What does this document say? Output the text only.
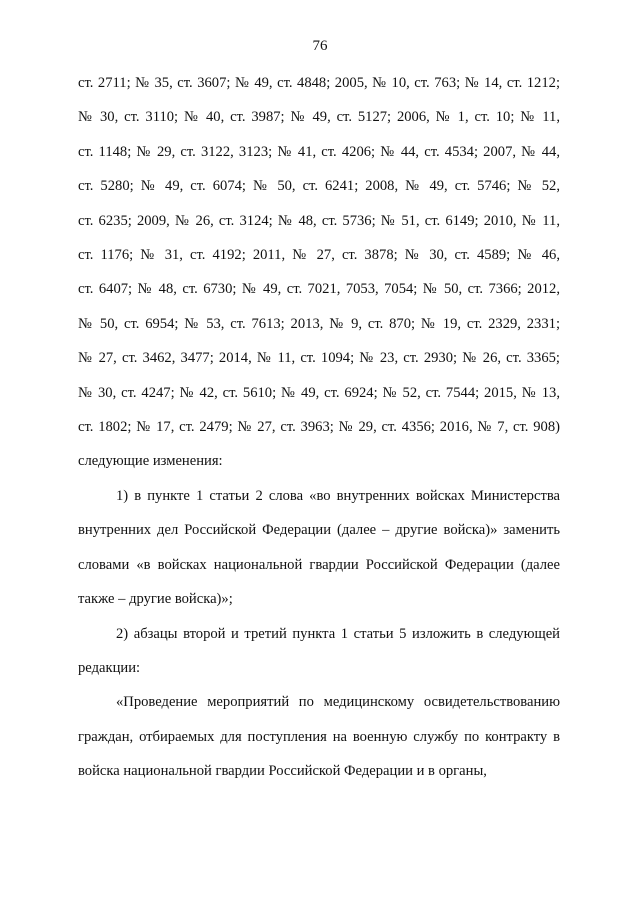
76
ст. 2711; № 35, ст. 3607; № 49, ст. 4848; 2005, № 10, ст. 763; № 14, ст. 1212;
№ 30, ст. 3110; № 40, ст. 3987; № 49, ст. 5127; 2006, № 1, ст. 10; № 11,
ст. 1148; № 29, ст. 3122, 3123; № 41, ст. 4206; № 44, ст. 4534; 2007, № 44,
ст. 5280; № 49, ст. 6074; № 50, ст. 6241; 2008, № 49, ст. 5746; № 52,
ст. 6235; 2009, № 26, ст. 3124; № 48, ст. 5736; № 51, ст. 6149; 2010, № 11,
ст. 1176; № 31, ст. 4192; 2011, № 27, ст. 3878; № 30, ст. 4589; № 46,
ст. 6407; № 48, ст. 6730; № 49, ст. 7021, 7053, 7054; № 50, ст. 7366; 2012,
№ 50, ст. 6954; № 53, ст. 7613; 2013, № 9, ст. 870; № 19, ст. 2329, 2331;
№ 27, ст. 3462, 3477; 2014, № 11, ст. 1094; № 23, ст. 2930; № 26, ст. 3365;
№ 30, ст. 4247; № 42, ст. 5610; № 49, ст. 6924; № 52, ст. 7544; 2015, № 13,
ст. 1802; № 17, ст. 2479; № 27, ст. 3963; № 29, ст. 4356; 2016, № 7, ст. 908)
следующие изменения:
1) в пункте 1 статьи 2 слова «во внутренних войсках Министерства
внутренних дел Российской Федерации (далее – другие войска)» заменить
словами «в войсках национальной гвардии Российской Федерации (далее
также – другие войска)»;
2) абзацы второй и третий пункта 1 статьи 5 изложить в следующей
редакции:
«Проведение мероприятий по медицинскому освидетельствованию
граждан, отбираемых для поступления на военную службу по контракту в
войска национальной гвардии Российской Федерации и в органы,
